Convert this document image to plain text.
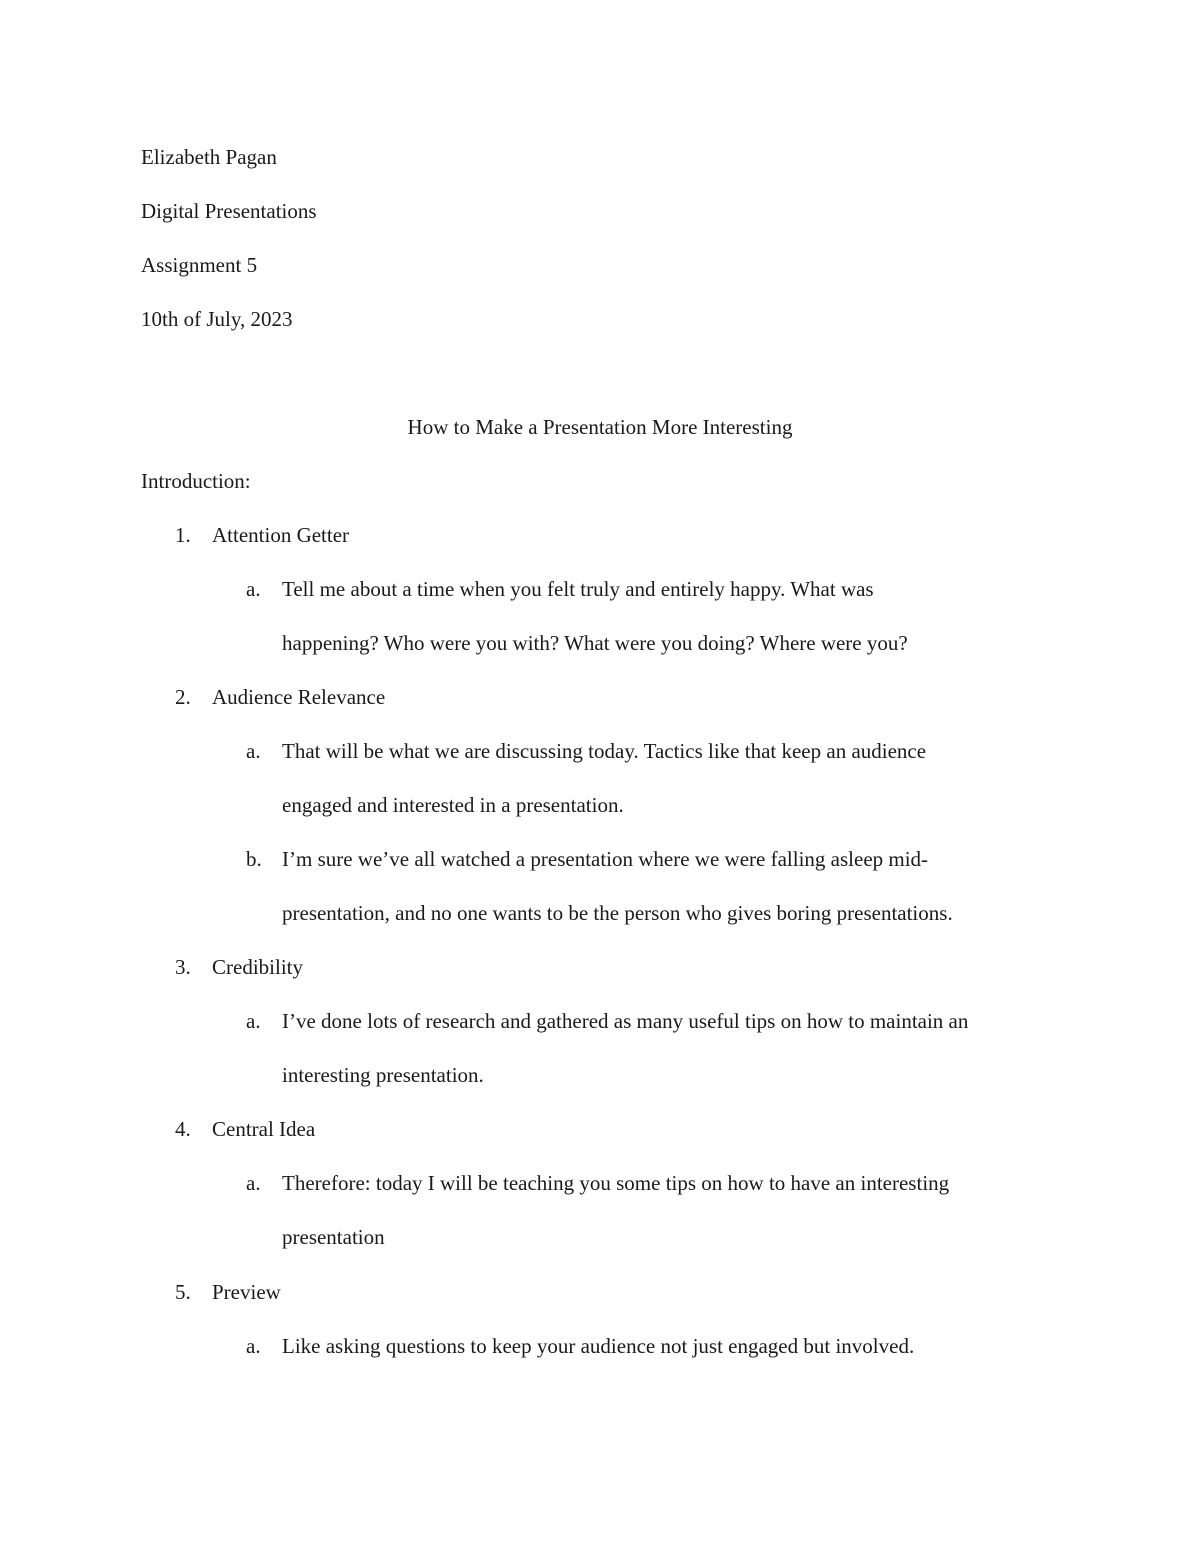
Elizabeth Pagan
Digital Presentations
Assignment 5
10th of July, 2023
How to Make a Presentation More Interesting
Introduction:
1. Attention Getter
a. Tell me about a time when you felt truly and entirely happy. What was
happening? Who were you with? What were you doing? Where were you?
2. Audience Relevance
a. That will be what we are discussing today. Tactics like that keep an audience
engaged and interested in a presentation.
b. I’m sure we’ve all watched a presentation where we were falling asleep mid-
presentation, and no one wants to be the person who gives boring presentations.
3. Credibility
a. I’ve done lots of research and gathered as many useful tips on how to maintain an
interesting presentation.
4. Central Idea
a. Therefore: today I will be teaching you some tips on how to have an interesting
presentation
5. Preview
a. Like asking questions to keep your audience not just engaged but involved.
